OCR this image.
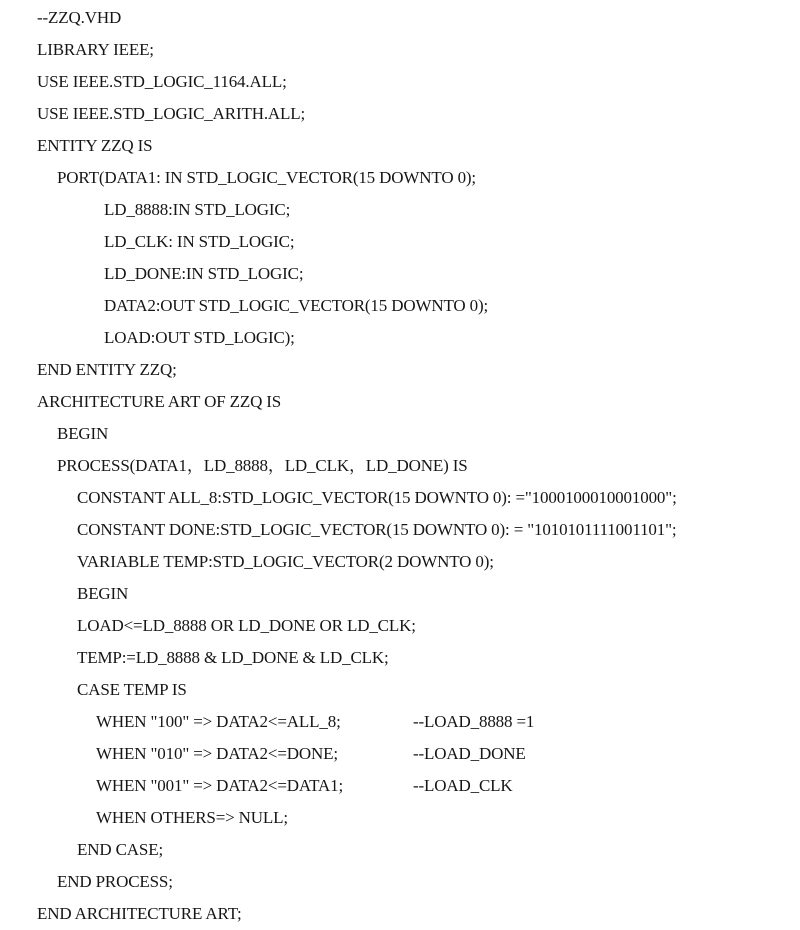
--ZZQ.VHD
LIBRARY IEEE;
USE IEEE.STD_LOGIC_1164.ALL;
USE IEEE.STD_LOGIC_ARITH.ALL;
ENTITY ZZQ IS
PORT(DATA1: IN STD_LOGIC_VECTOR(15 DOWNTO 0);
LD_8888:IN STD_LOGIC;
LD_CLK: IN STD_LOGIC;
LD_DONE:IN STD_LOGIC;
DATA2:OUT STD_LOGIC_VECTOR(15 DOWNTO 0);
LOAD:OUT STD_LOGIC);
END ENTITY ZZQ;
ARCHITECTURE ART OF ZZQ IS
BEGIN
PROCESS(DATA1，LD_8888，LD_CLK，LD_DONE) IS
CONSTANT ALL_8:STD_LOGIC_VECTOR(15 DOWNTO 0): ="1000100010001000";
CONSTANT DONE:STD_LOGIC_VECTOR(15 DOWNTO 0): = "1010101111001101";
VARIABLE TEMP:STD_LOGIC_VECTOR(2 DOWNTO 0);
BEGIN
LOAD<=LD_8888 OR LD_DONE OR LD_CLK;
TEMP:=LD_8888 & LD_DONE & LD_CLK;
CASE TEMP IS
WHEN "100" => DATA2<=ALL_8;	--LOAD_8888 =1
WHEN "010" => DATA2<=DONE;	--LOAD_DONE
WHEN "001" => DATA2<=DATA1;	--LOAD_CLK
WHEN OTHERS=> NULL;
END CASE;
END PROCESS;
END ARCHITECTURE ART;
